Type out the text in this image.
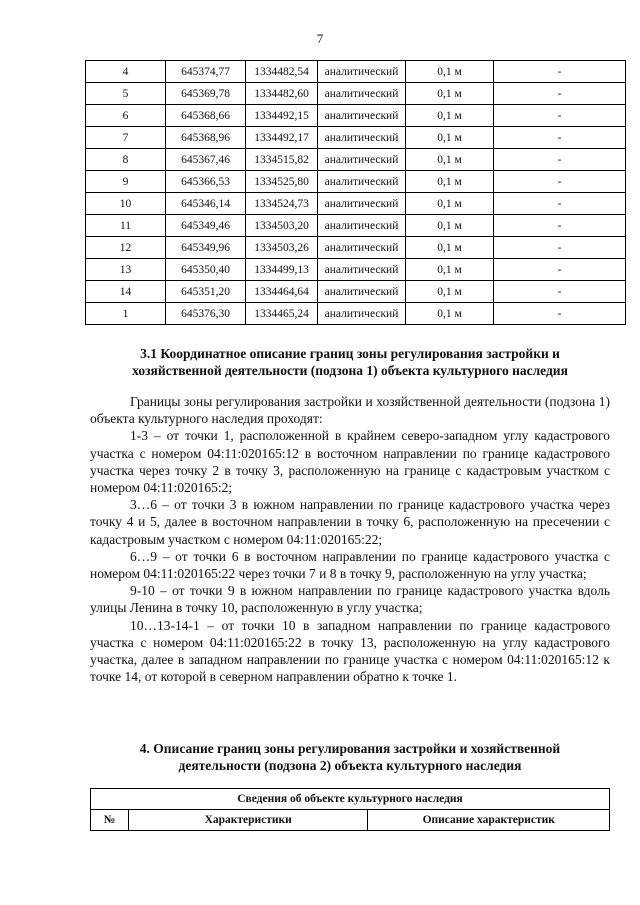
7
4	645374,77	1334482,54	аналитический	0,1 м	-
5	645369,78	1334482,60	аналитический	0,1 м	-
6	645368,66	1334492,15	аналитический	0,1 м	-
7	645368,96	1334492,17	аналитический	0,1 м	-
8	645367,46	1334515,82	аналитический	0,1 м	-
9	645366,53	1334525,80	аналитический	0,1 м	-
10	645346,14	1334524,73	аналитический	0,1 м	-
11	645349,46	1334503,20	аналитический	0,1 м	-
12	645349,96	1334503,26	аналитический	0,1 м	-
13	645350,40	1334499,13	аналитический	0,1 м	-
14	645351,20	1334464,64	аналитический	0,1 м	-
1	645376,30	1334465,24	аналитический	0,1 м	-
3.1 Координатное описание границ зоны регулирования застройки и
хозяйственной деятельности (подзона 1) объекта культурного наследия

Границы зоны регулирования застройки и хозяйственной деятельности (подзона 1) объекта культурного наследия проходят:

1-3 – от точки 1, расположенной в крайнем северо-западном углу кадастрового участка с номером 04:11:020165:12 в восточном направлении по границе кадастрового участка через точку 2 в точку 3, расположенную на границе с кадастровым участком с номером 04:11:020165:2;

3…6 – от точки 3 в южном направлении по границе кадастрового участка через точку 4 и 5, далее в восточном направлении в точку 6, расположенную на пресечении с кадастровым участком с номером 04:11:020165:22;

6…9 – от точки 6 в восточном направлении по границе кадастрового участка с номером 04:11:020165:22 через точки 7 и 8 в точку 9, расположенную на углу участка;

9-10 – от точки 9 в южном направлении по границе кадастрового участка вдоль улицы Ленина в точку 10, расположенную в углу участка;

10…13-14-1 – от точки 10 в западном направлении по границе кадастрового участка с номером 04:11:020165:22 в точку 13, расположенную на углу кадастрового участка, далее в западном направлении по границе участка с номером 04:11:020165:12 к точке 14, от которой в северном направлении обратно к точке 1.

4. Описание границ зоны регулирования застройки и хозяйственной
деятельности (подзона 2) объекта культурного наследия
Сведения об объекте культурного наследия
№	Характеристики	Описание характеристик
